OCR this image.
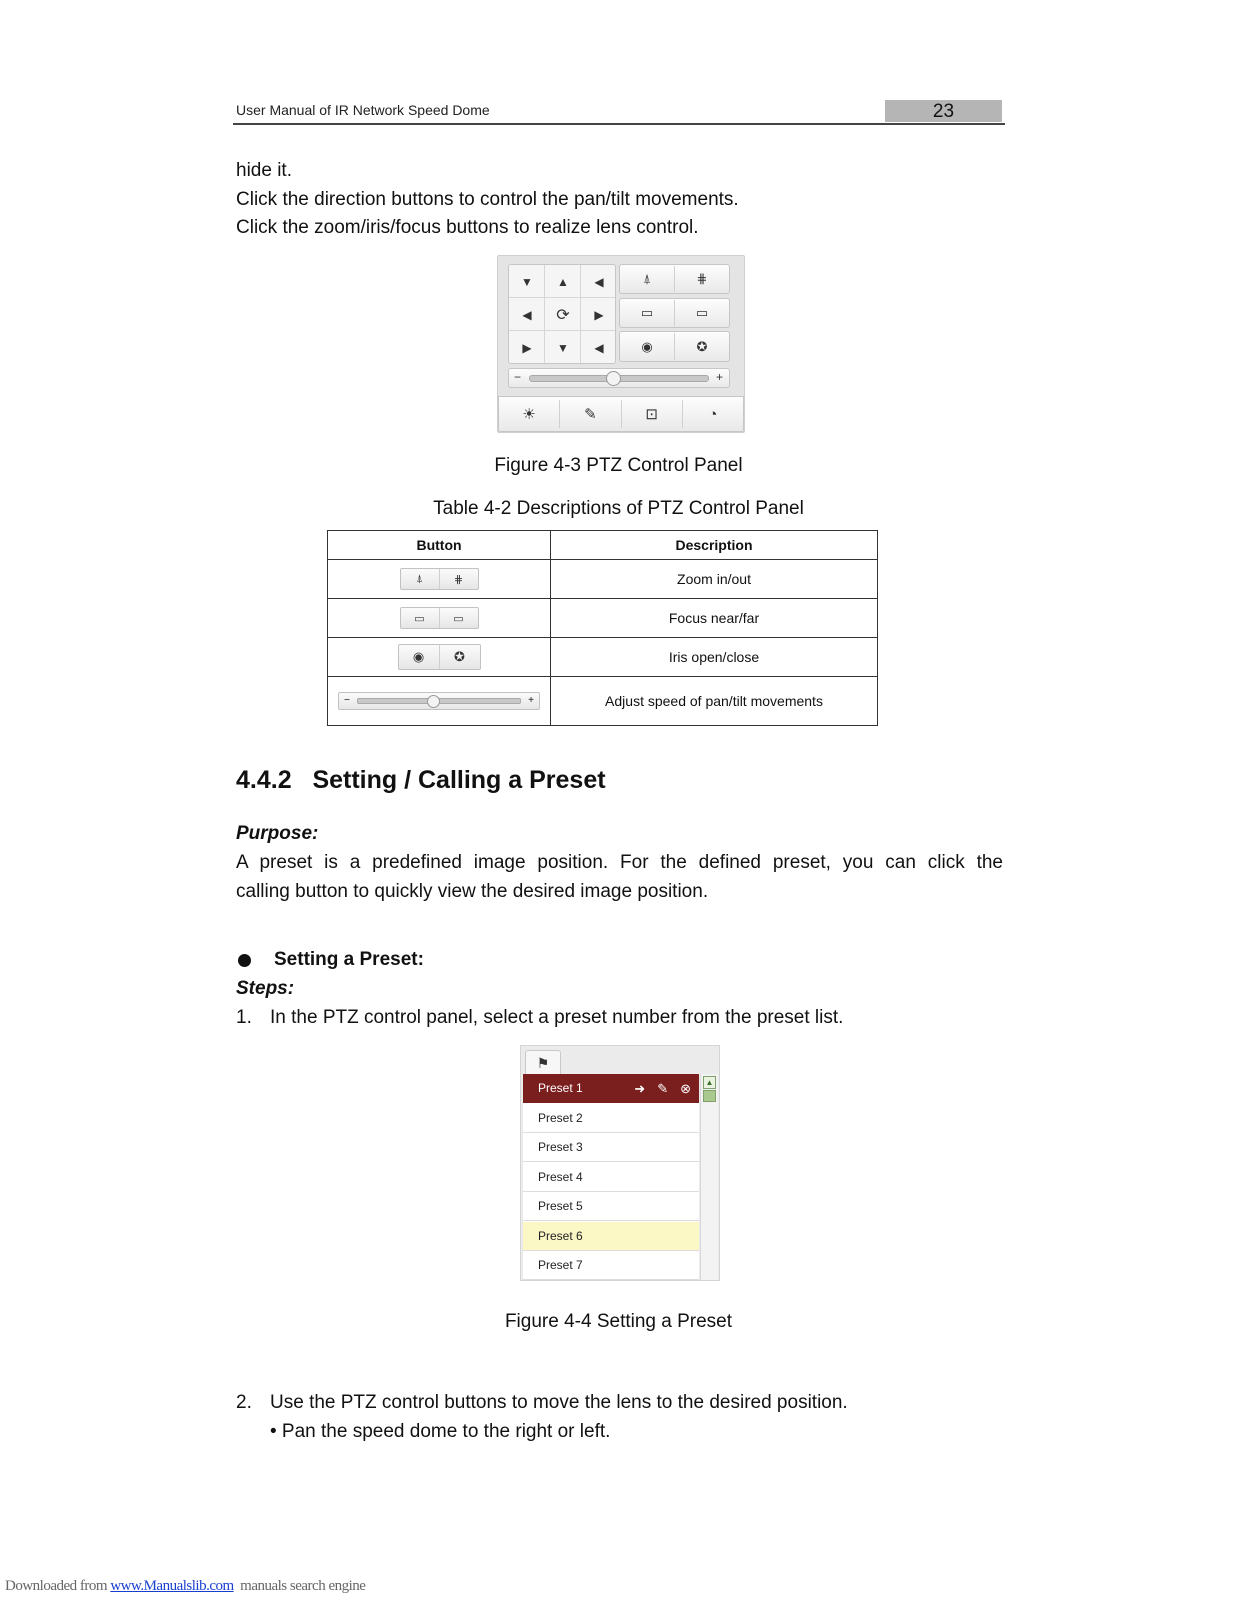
User Manual of IR Network Speed Dome	23
hide it.
Click the direction buttons to control the pan/tilt movements.
Click the zoom/iris/focus buttons to realize lens control.
▼	▲	◀
◀	⟳	▶
▶	▼	◀
⍋	⋕
▭	▭
◉	✪
−	+
☀	✎	⊡	◔
Figure 4-3 PTZ Control Panel
Table 4-2 Descriptions of PTZ Control Panel
Button	Description

⍋ ⋕	Zoom in/out

▭ ▭	Focus near/far

◉ ✪	Iris open/close

− +	Adjust speed of pan/tilt movements
4.4.2   Setting / Calling a Preset
Purpose:
A preset is a predefined image position. For the defined preset, you can click the
calling button to quickly view the desired image position.
Setting a Preset:
Steps:
1. In the PTZ control panel, select a preset number from the preset list.
⚑
Preset 1	➜ ✎ ⊗
Preset 2
Preset 3
Preset 4
Preset 5
Preset 6
Preset 7
▲
Figure 4-4 Setting a Preset
2. Use the PTZ control buttons to move the lens to the desired position.
• Pan the speed dome to the right or left.
Downloaded from www.Manualslib.com  manuals search engine
